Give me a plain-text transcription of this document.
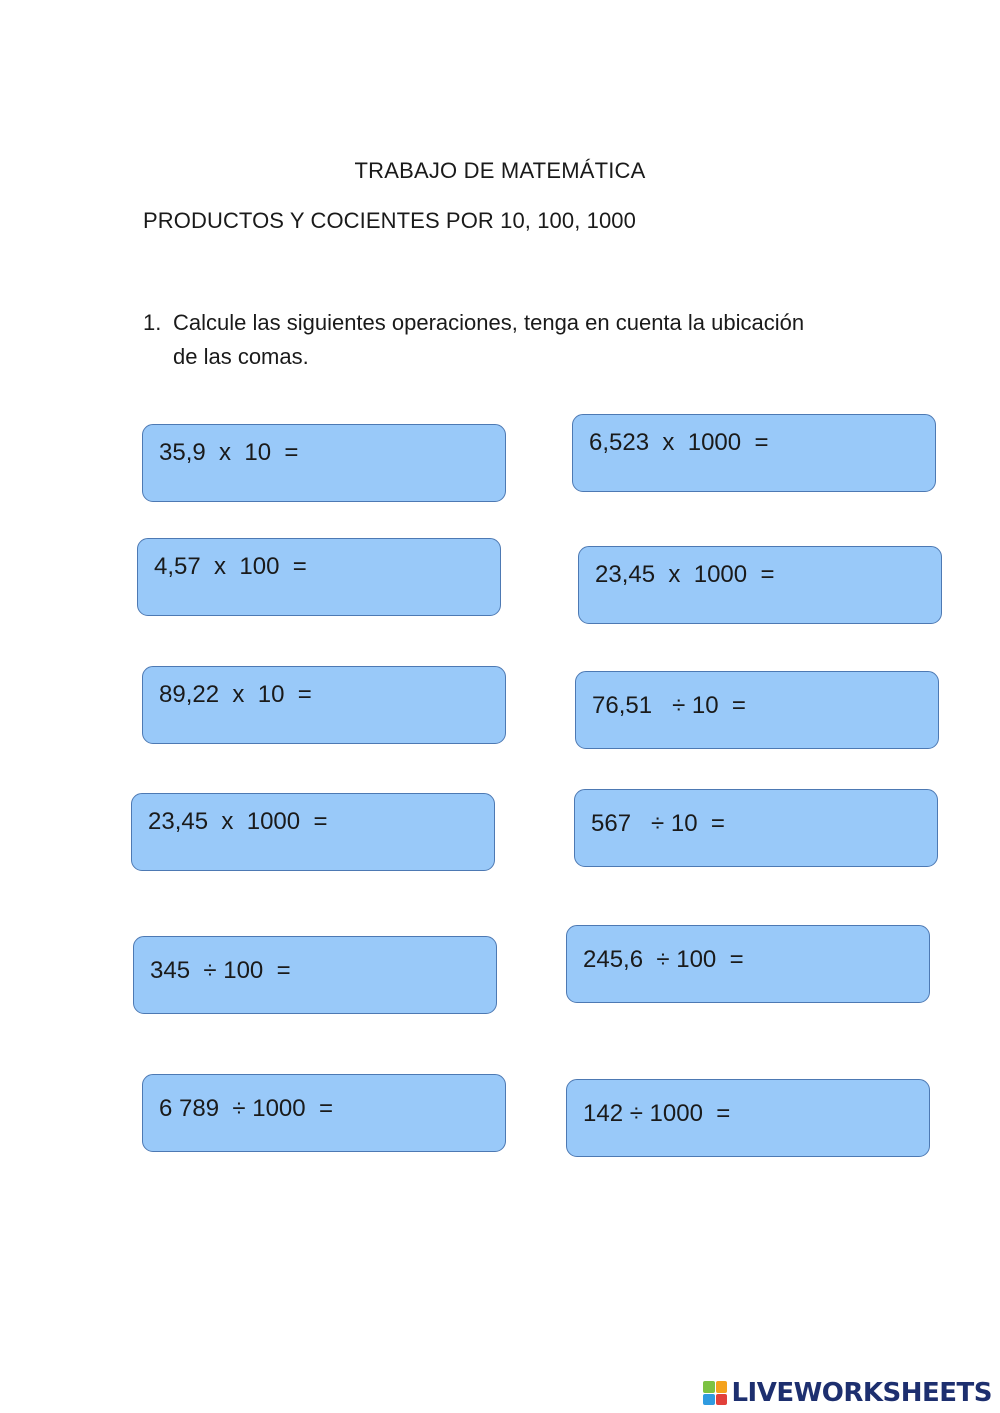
TRABAJO DE MATEMÁTICA
PRODUCTOS Y COCIENTES POR 10, 100, 1000
1. Calcule las siguientes operaciones, tenga en cuenta la ubicación de las comas.
35,9  x  10  =	6,523  x  1000  =
4,57  x  100  =	23,45  x  1000  =
89,22  x  10  =	76,51   ÷ 10  =
23,45  x  1000  =	567   ÷ 10  =
345  ÷ 100  =	245,6  ÷ 100  =
6 789  ÷ 1000  =	142 ÷ 1000  =
LIVEWORKSHEETS
